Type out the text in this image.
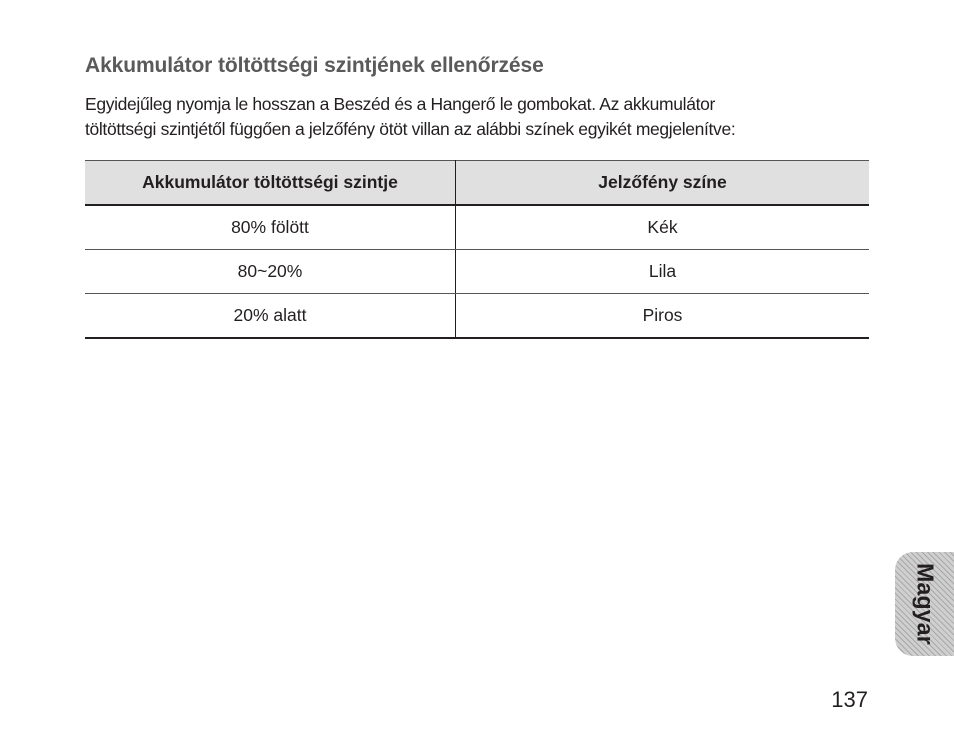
Akkumulátor töltöttségi szintjének ellenőrzése

Egyidejűleg nyomja le hosszan a Beszéd és a Hangerő le gombokat. Az akkumulátor
töltöttségi szintjétől függően a jelzőfény ötöt villan az alábbi színek egyikét megjelenítve:

Akkumulátor töltöttségi szintje	Jelzőfény színe
80% fölött	Kék
80~20%	Lila
20% alatt	Piros
Magyar
137
